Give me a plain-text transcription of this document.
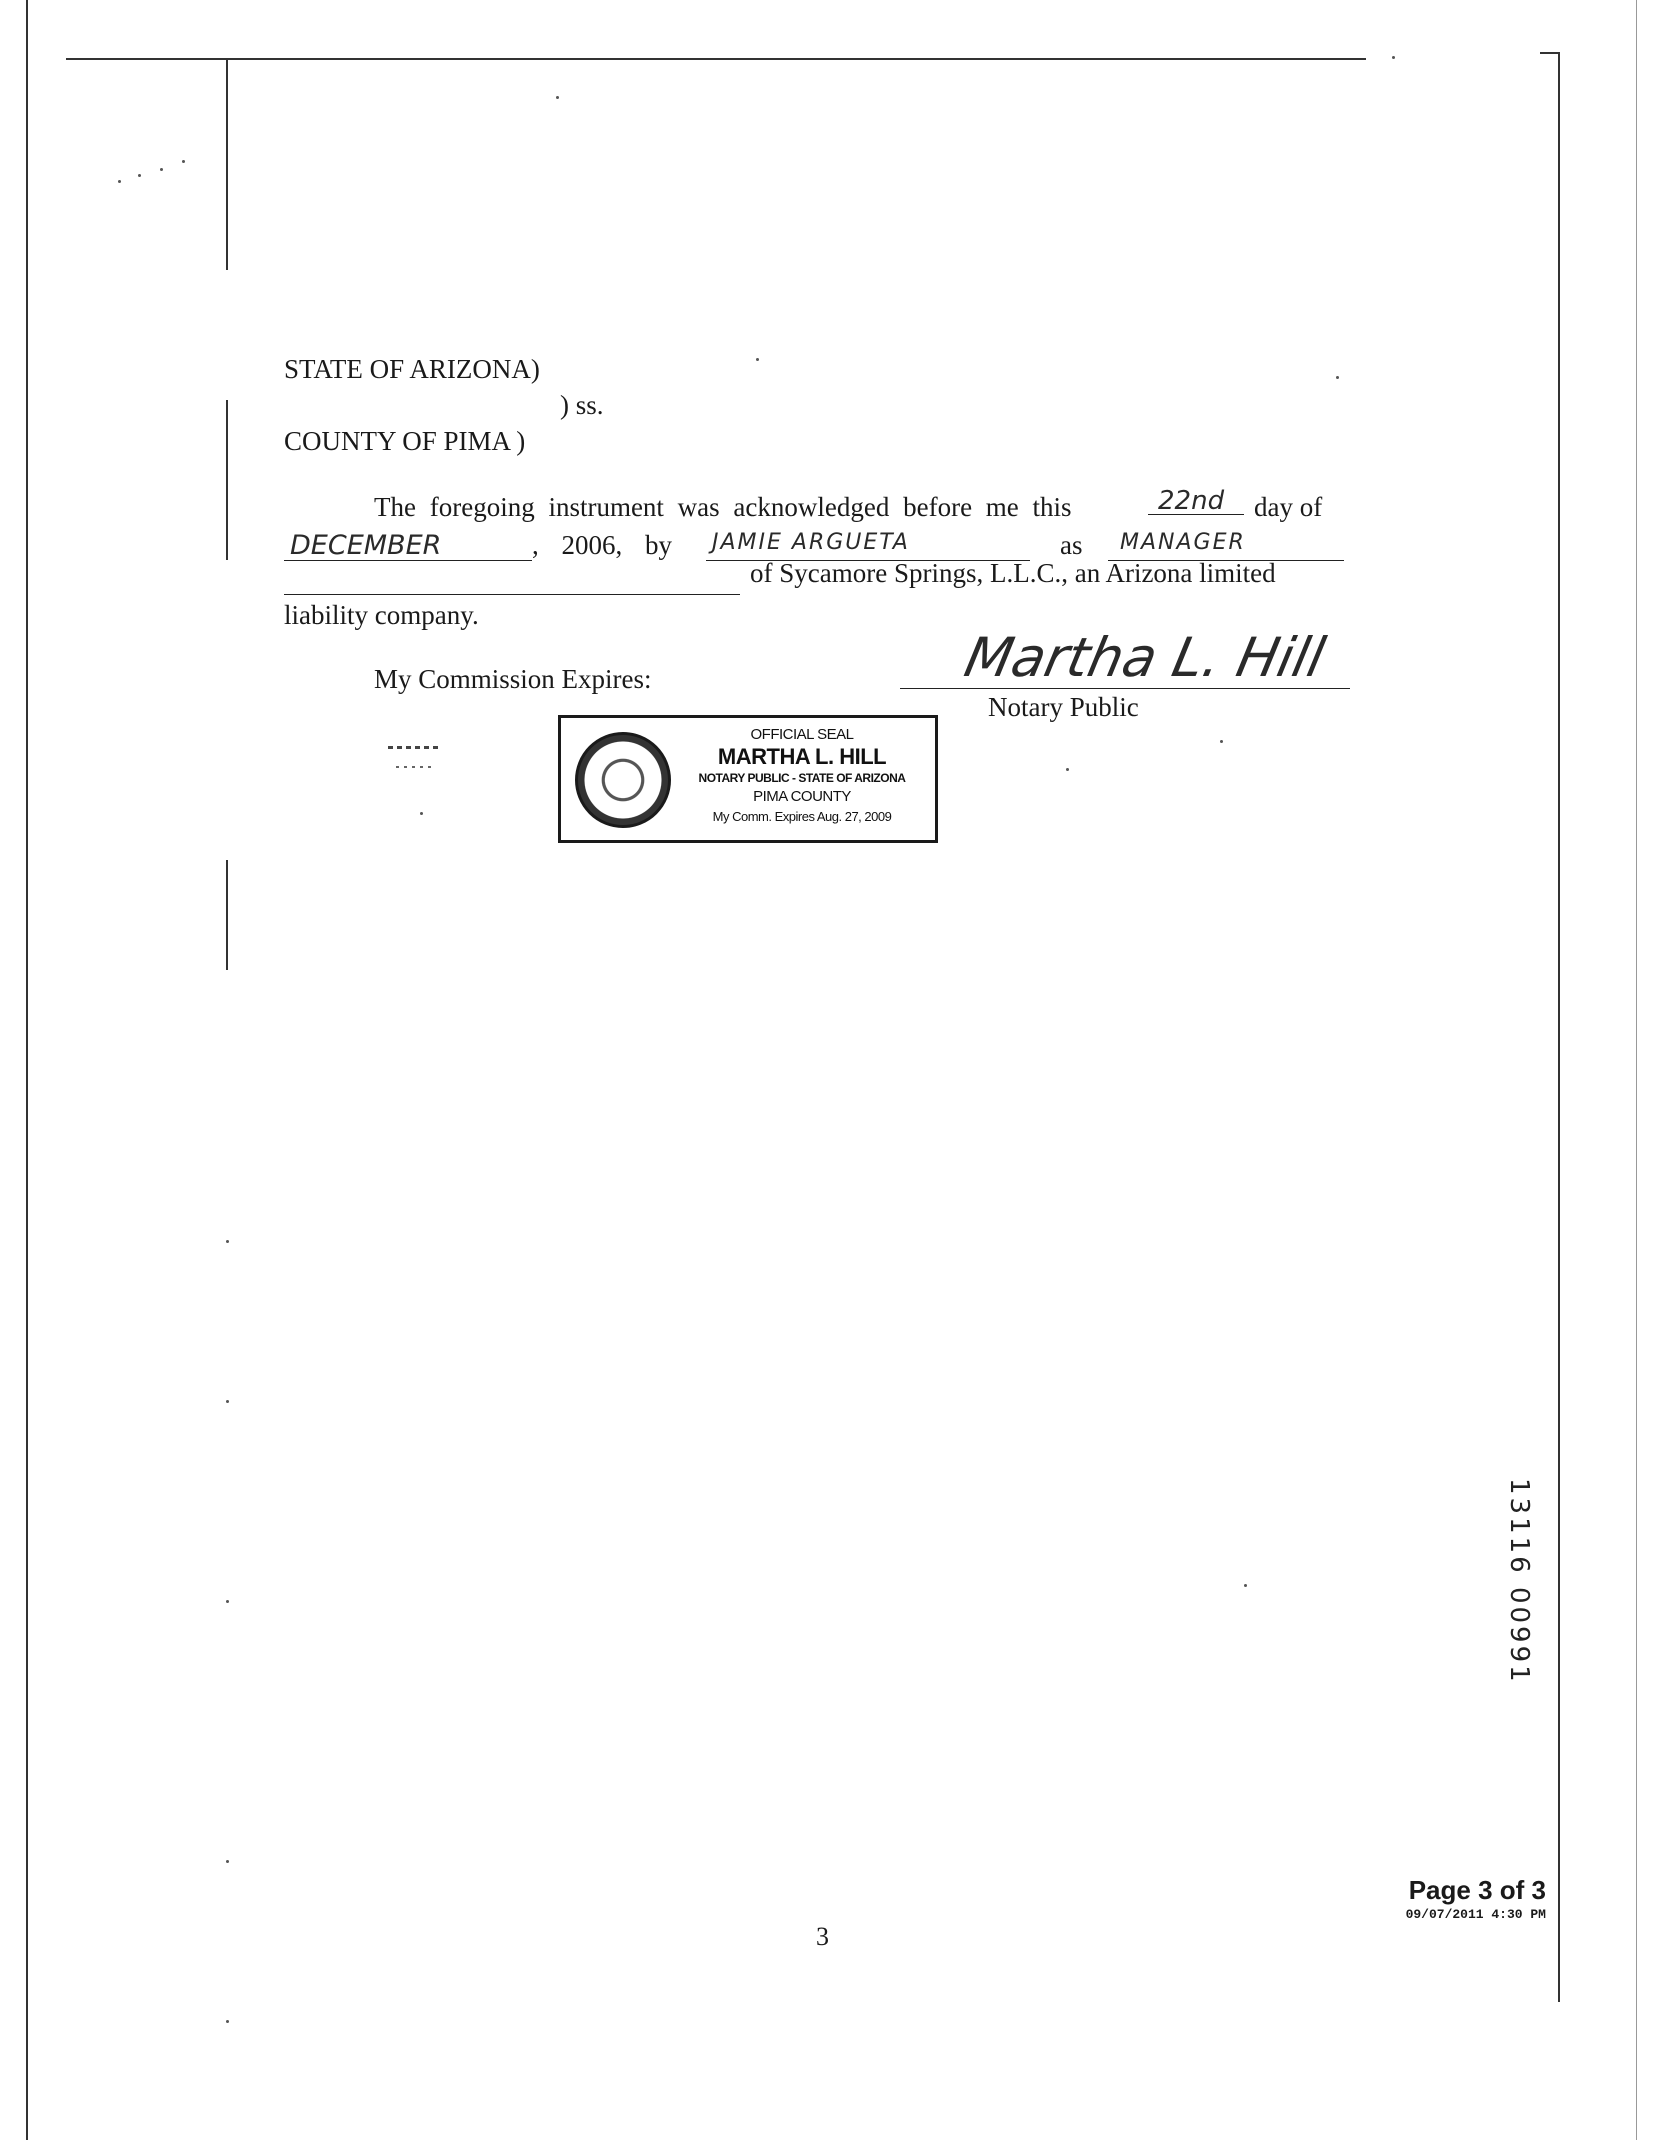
STATE OF ARIZONA)
) ss.
COUNTY OF PIMA )
The foregoing instrument was acknowledged before me this	22nd day of
DECEMBER	, 2006, by JAMIE ARGUETA	as MANAGER
of Sycamore Springs, L.L.C., an Arizona limited
liability company.
My Commission Expires:	Martha L. Hill
Notary Public
OFFICIAL SEAL
MARTHA L. HILL
NOTARY PUBLIC - STATE OF ARIZONA
PIMA COUNTY
My Comm. Expires Aug. 27, 2009
13116 00991
3
Page 3 of 3
09/07/2011 4:30 PM
